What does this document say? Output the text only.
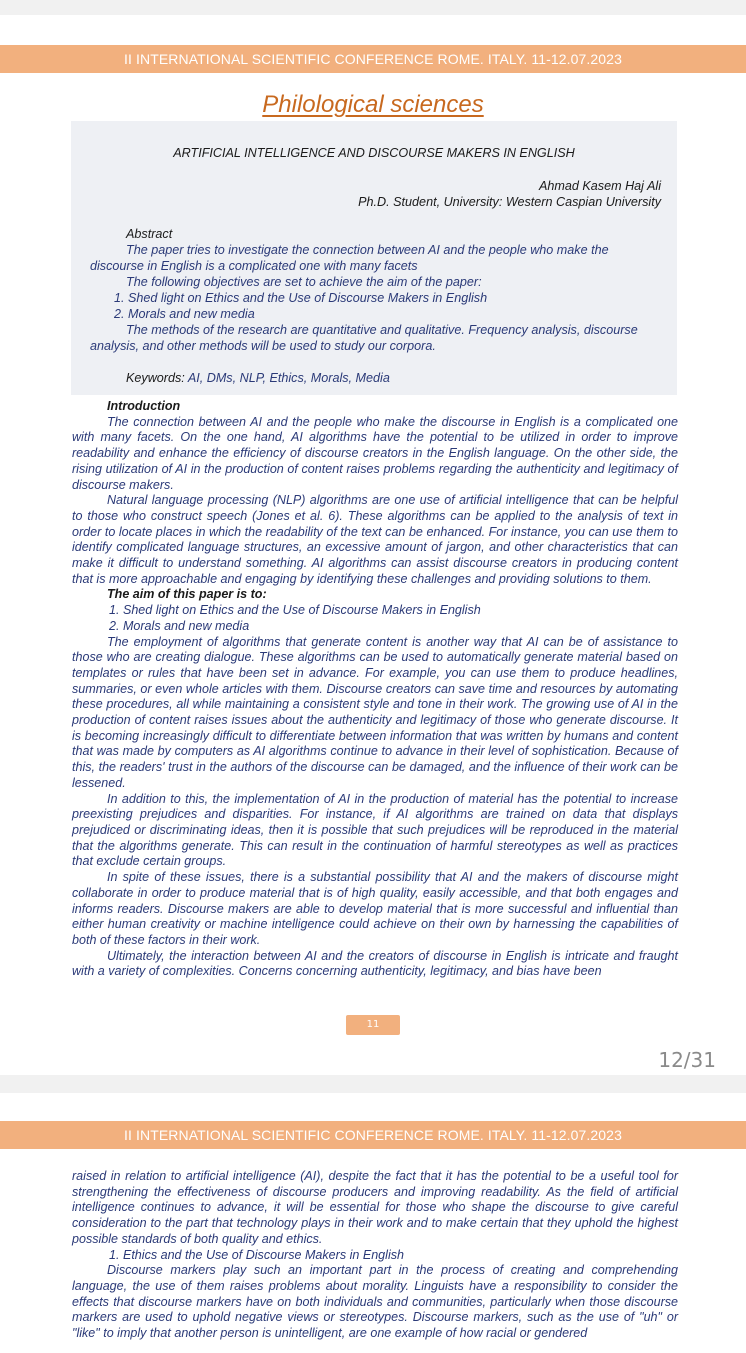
II INTERNATIONAL SCIENTIFIC CONFERENCE ROME. ITALY. 11-12.07.2023
Philological sciences
ARTIFICIAL INTELLIGENCE AND DISCOURSE MAKERS IN ENGLISH
Ahmad Kasem Haj Ali
Ph.D. Student, University: Western Caspian University
Abstract
The paper tries to investigate the connection between AI and the people who make the
discourse in English is a complicated one with many facets
The following objectives are set to achieve the aim of the paper:
1. Shed light on Ethics and the Use of Discourse Makers in English
2. Morals and new media
The methods of the research are quantitative and qualitative. Frequency analysis, discourse
analysis, and other methods will be used to study our corpora.
Keywords: AI, DMs, NLP, Ethics, Morals, Media
Introduction

The connection between AI and the people who make the discourse in English is a complicated one with many facets. On the one hand, AI algorithms have the potential to be utilized in order to improve readability and enhance the efficiency of discourse creators in the English language. On the other side, the rising utilization of AI in the production of content raises problems regarding the authenticity and legitimacy of discourse makers.

Natural language processing (NLP) algorithms are one use of artificial intelligence that can be helpful to those who construct speech (Jones et al. 6). These algorithms can be applied to the analysis of text in order to locate places in which the readability of the text can be enhanced. For instance, you can use them to identify complicated language structures, an excessive amount of jargon, and other characteristics that can make it difficult to understand something. AI algorithms can assist discourse creators in producing content that is more approachable and engaging by identifying these challenges and providing solutions to them.

The aim of this paper is to:
1. Shed light on Ethics and the Use of Discourse Makers in English
2. Morals and new media

The employment of algorithms that generate content is another way that AI can be of assistance to those who are creating dialogue. These algorithms can be used to automatically generate material based on templates or rules that have been set in advance. For example, you can use them to produce headlines, summaries, or even whole articles with them. Discourse creators can save time and resources by automating these procedures, all while maintaining a consistent style and tone in their work. The growing use of AI in the production of content raises issues about the authenticity and legitimacy of those who generate discourse. It is becoming increasingly difficult to differentiate between information that was written by humans and content that was made by computers as AI algorithms continue to advance in their level of sophistication. Because of this, the readers' trust in the authors of the discourse can be damaged, and the influence of their work can be lessened.

In addition to this, the implementation of AI in the production of material has the potential to increase preexisting prejudices and disparities. For instance, if AI algorithms are trained on data that displays prejudiced or discriminating ideas, then it is possible that such prejudices will be reproduced in the material that the algorithms generate. This can result in the continuation of harmful stereotypes as well as practices that exclude certain groups.

In spite of these issues, there is a substantial possibility that AI and the makers of discourse might collaborate in order to produce material that is of high quality, easily accessible, and that both engages and informs readers. Discourse makers are able to develop material that is more successful and influential than either human creativity or machine intelligence could achieve on their own by harnessing the capabilities of both of these factors in their work.

Ultimately, the interaction between AI and the creators of discourse in English is intricate and fraught with a variety of complexities. Concerns concerning authenticity, legitimacy, and bias have been

11
12/31
II INTERNATIONAL SCIENTIFIC CONFERENCE ROME. ITALY. 11-12.07.2023

raised in relation to artificial intelligence (AI), despite the fact that it has the potential to be a useful tool for strengthening the effectiveness of discourse producers and improving readability. As the field of artificial intelligence continues to advance, it will be essential for those who shape the discourse to give careful consideration to the part that technology plays in their work and to make certain that they uphold the highest possible standards of both quality and ethics.

1. Ethics and the Use of Discourse Makers in English

Discourse markers play such an important part in the process of creating and comprehending language, the use of them raises problems about morality. Linguists have a responsibility to consider the effects that discourse markers have on both individuals and communities, particularly when those discourse markers are used to uphold negative views or stereotypes. Discourse markers, such as the use of "uh" or "like" to imply that another person is unintelligent, are one example of how racial or gendered
